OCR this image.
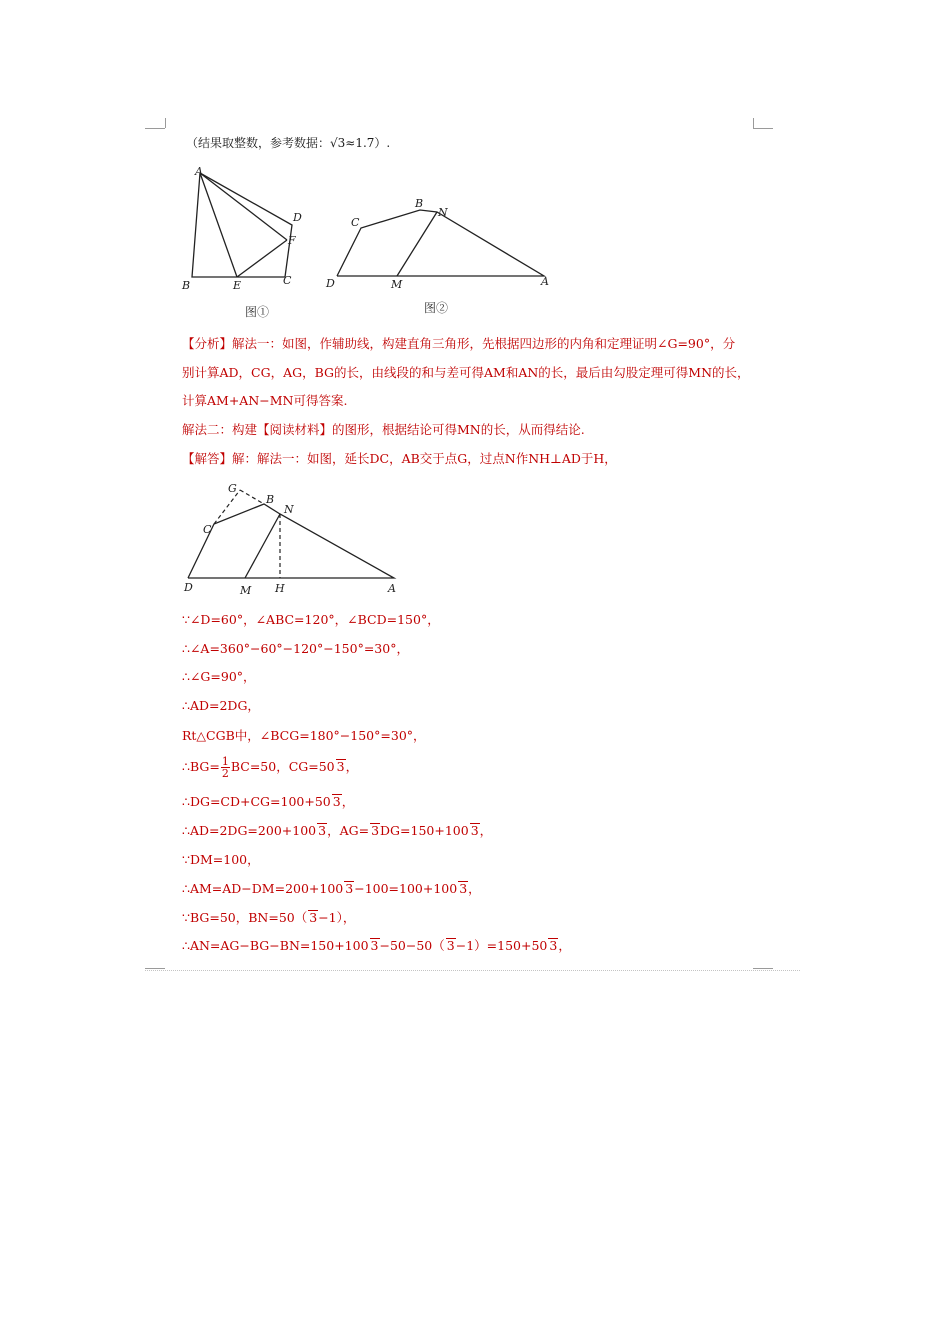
（结果取整数，参考数据：√3≈1.7）.
A
B	C
D
E
F
图①
C
B
N
D	M	A
图②
【分析】解法一：如图，作辅助线，构建直角三角形，先根据四边形的内角和定理证明∠G=90°，分
别计算AD，CG，AG，BG的长，由线段的和与差可得AM和AN的长，最后由勾股定理可得MN的长，
计算AM+AN−MN可得答案.
解法二：构建【阅读材料】的图形，根据结论可得MN的长，从而得结论.
【解答】解：解法一：如图，延长DC，AB交于点G，过点N作NH⊥AD于H，
G
B
N
C
D	M H	A
∵∠D=60°，∠ABC=120°，∠BCD=150°，
∴∠A=360°−60°−120°−150°=30°，
∴∠G=90°，
∴AD=2DG，
Rt△CGB中，∠BCG=180°−150°=30°，
∴BG= $\frac{1}{2} BC=50$，CG=50 3，
∴DG=CD+CG=100+50 3，
∴AD=2DG=200+100 3，AG= 3DG=150+100 3，
∵DM=100，
∴AM=AD−DM=200+100 3−100=100+100 3，
∵BG=50，BN=50（ 3−1），
∴AN=AG−BG−BN=150+100 3−50−50（ 3−1）=150+50 3，
